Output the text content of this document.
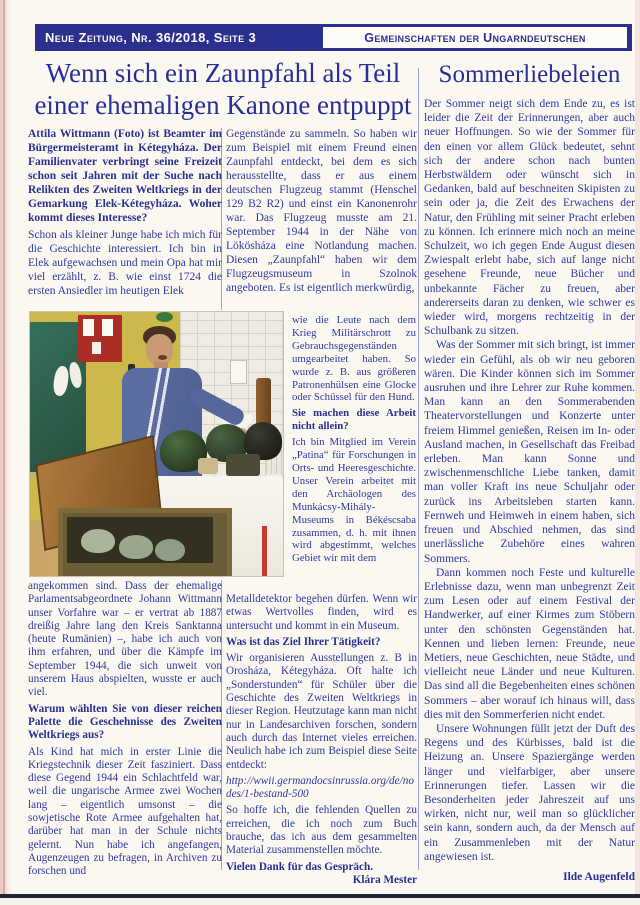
Neue Zeitung, Nr. 36/2018, Seite 3	Gemeinschaften der Ungarndeutschen
Wenn sich ein Zaunpfahl als Teil
einer ehemaligen Kanone entpuppt
Sommerliebeleien

Attila Wittmann (Foto) ist Beamter im Bürgermeisteramt in Kétegyháza. Der Familienvater verbringt seine Freizeit schon seit Jahren mit der Suche nach Relikten des Zweiten Weltkriegs in der Gemarkung Elek-Kétegyháza. Woher kommt dieses Interesse?

Schon als kleiner Junge habe ich mich für die Geschichte interessiert. Ich bin in Elek aufgewachsen und mein Opa hat mir viel erzählt, z. B. wie einst 1724 die ersten Ansiedler im heutigen Elek

Gegenstände zu sammeln. So haben wir zum Beispiel mit einem Freund einen Zaunpfahl entdeckt, bei dem es sich herausstellte, dass er aus einem deutschen Flugzeug stammt (Henschel 129 B2 R2) und einst ein Kanonenrohr war. Das Flugzeug musste am 21. September 1944 in der Nähe von Lökösháza eine Notlandung machen. Diesen „Zaunpfahl“ haben wir dem Flugzeugsmuseum in Szolnok angeboten. Es ist eigentlich merkwürdig,

wie die Leute nach dem Krieg Militärschrott zu Gebrauchsgegenständen umgearbeitet haben. So wurde z. B. aus größeren Patronenhülsen eine Glocke oder Schüssel für den Hund.

Sie machen diese Arbeit nicht allein?

Ich bin Mitglied im Verein „Patina“ für Forschungen in Orts- und Heeresgeschichte. Unser Verein arbeitet mit den Archäologen des Munkácsy-Mihály-Museums in Békéscsaba zusammen, d. h. mit ihnen wird abgestimmt, welches Gebiet wir mit dem

angekommen sind. Dass der ehemalige Parlamentsabgeordnete Johann Wittmann unser Vorfahre war – er vertrat ab 1887 dreißig Jahre lang den Kreis Sanktanna (heute Rumänien) –, habe ich auch von ihm erfahren, und über die Kämpfe im September 1944, die sich unweit von unserem Haus abspielten, wusste er auch viel.

Warum wählten Sie von dieser reichen Palette die Geschehnisse des Zweiten Weltkriegs aus?

Als Kind hat mich in erster Linie die Kriegstechnik dieser Zeit fasziniert. Dass diese Gegend 1944 ein Schlachtfeld war, weil die ungarische Armee zwei Wochen lang – eigentlich umsonst – die sowjetische Rote Armee aufgehalten hat, darüber hat man in der Schule nichts gelernt. Nun habe ich angefangen, Augenzeugen zu befragen, in Archiven zu forschen und

Metalldetektor begehen dürfen. Wenn wir etwas Wertvolles finden, wird es untersucht und kommt in ein Museum.

Was ist das Ziel Ihrer Tätigkeit?

Wir organisieren Ausstellungen z. B in Orosháza, Kétegyháza. Oft halte ich „Sonderstunden“ für Schüler über die Geschichte des Zweiten Weltkriegs in dieser Region. Heutzutage kann man nicht nur in Landesarchiven forschen, sondern auch durch das Internet vieles erreichen. Neulich habe ich zum Beispiel diese Seite entdeckt:

http://wwii.germandocsinrussia.org/de/nodes/1-bestand-500

So hoffe ich, die fehlenden Quellen zu erreichen, die ich noch zum Buch brauche, das ich aus dem gesammelten Material zusammenstellen möchte.

Vielen Dank für das Gespräch.

Klára Mester

Der Sommer neigt sich dem Ende zu, es ist leider die Zeit der Erinnerungen, aber auch neuer Hoffnungen. So wie der Sommer für den einen vor allem Glück bedeutet, sehnt sich der andere schon nach bunten Herbstwäldern oder wünscht sich in Gedanken, bald auf beschneiten Skipisten zu sein oder ja, die Zeit des Erwachens der Natur, den Frühling mit seiner Pracht erleben zu können. Ich erinnere mich noch an meine Schulzeit, wo ich gegen Ende August diesen Zwiespalt erlebt habe, sich auf lange nicht gesehene Freunde, neue Bücher und unbekannte Fächer zu freuen, aber andererseits daran zu denken, wie schwer es wieder wird, morgens rechtzeitig in der Schulbank zu sitzen.

Was der Sommer mit sich bringt, ist immer wieder ein Gefühl, als ob wir neu geboren wären. Die Kinder können sich im Sommer ausruhen und ihre Lehrer zur Ruhe kommen. Man kann an den Sommerabenden Theatervorstellungen und Konzerte unter freiem Himmel genießen, Reisen im In- oder Ausland machen, in Gesellschaft das Freibad erleben. Man kann Sonne und zwischenmenschliche Liebe tanken, damit man voller Kraft ins neue Schuljahr oder zurück ins Arbeitsleben starten kann. Fernweh und Heimweh in einem haben, sich freuen und Abschied nehmen, das sind unerlässliche Zubehöre eines wahren Sommers.

Dann kommen noch Feste und kulturelle Erlebnisse dazu, wenn man unbegrenzt Zeit zum Lesen oder auf einem Festival der Handwerker, auf einer Kirmes zum Stöbern unter den schönsten Gegenständen hat. Kennen und lieben lernen: Freunde, neue Metiers, neue Geschichten, neue Städte, und vielleicht neue Länder und neue Kulturen. Das sind all die Begebenheiten eines schönen Sommers – aber worauf ich hinaus will, dass dies mit den Sommerferien nicht endet.

Unsere Wohnungen füllt jetzt der Duft des Regens und des Kürbisses, bald ist die Heizung an. Unsere Spaziergänge werden länger und vielfarbiger, aber unsere Erinnerungen tiefer. Lassen wir die Besonderheiten jeder Jahreszeit auf uns wirken, nicht nur, weil man so glücklicher sein kann, sondern auch, da der Mensch auf ein Zusammenleben mit der Natur angewiesen ist.

Ilde Augenfeld
